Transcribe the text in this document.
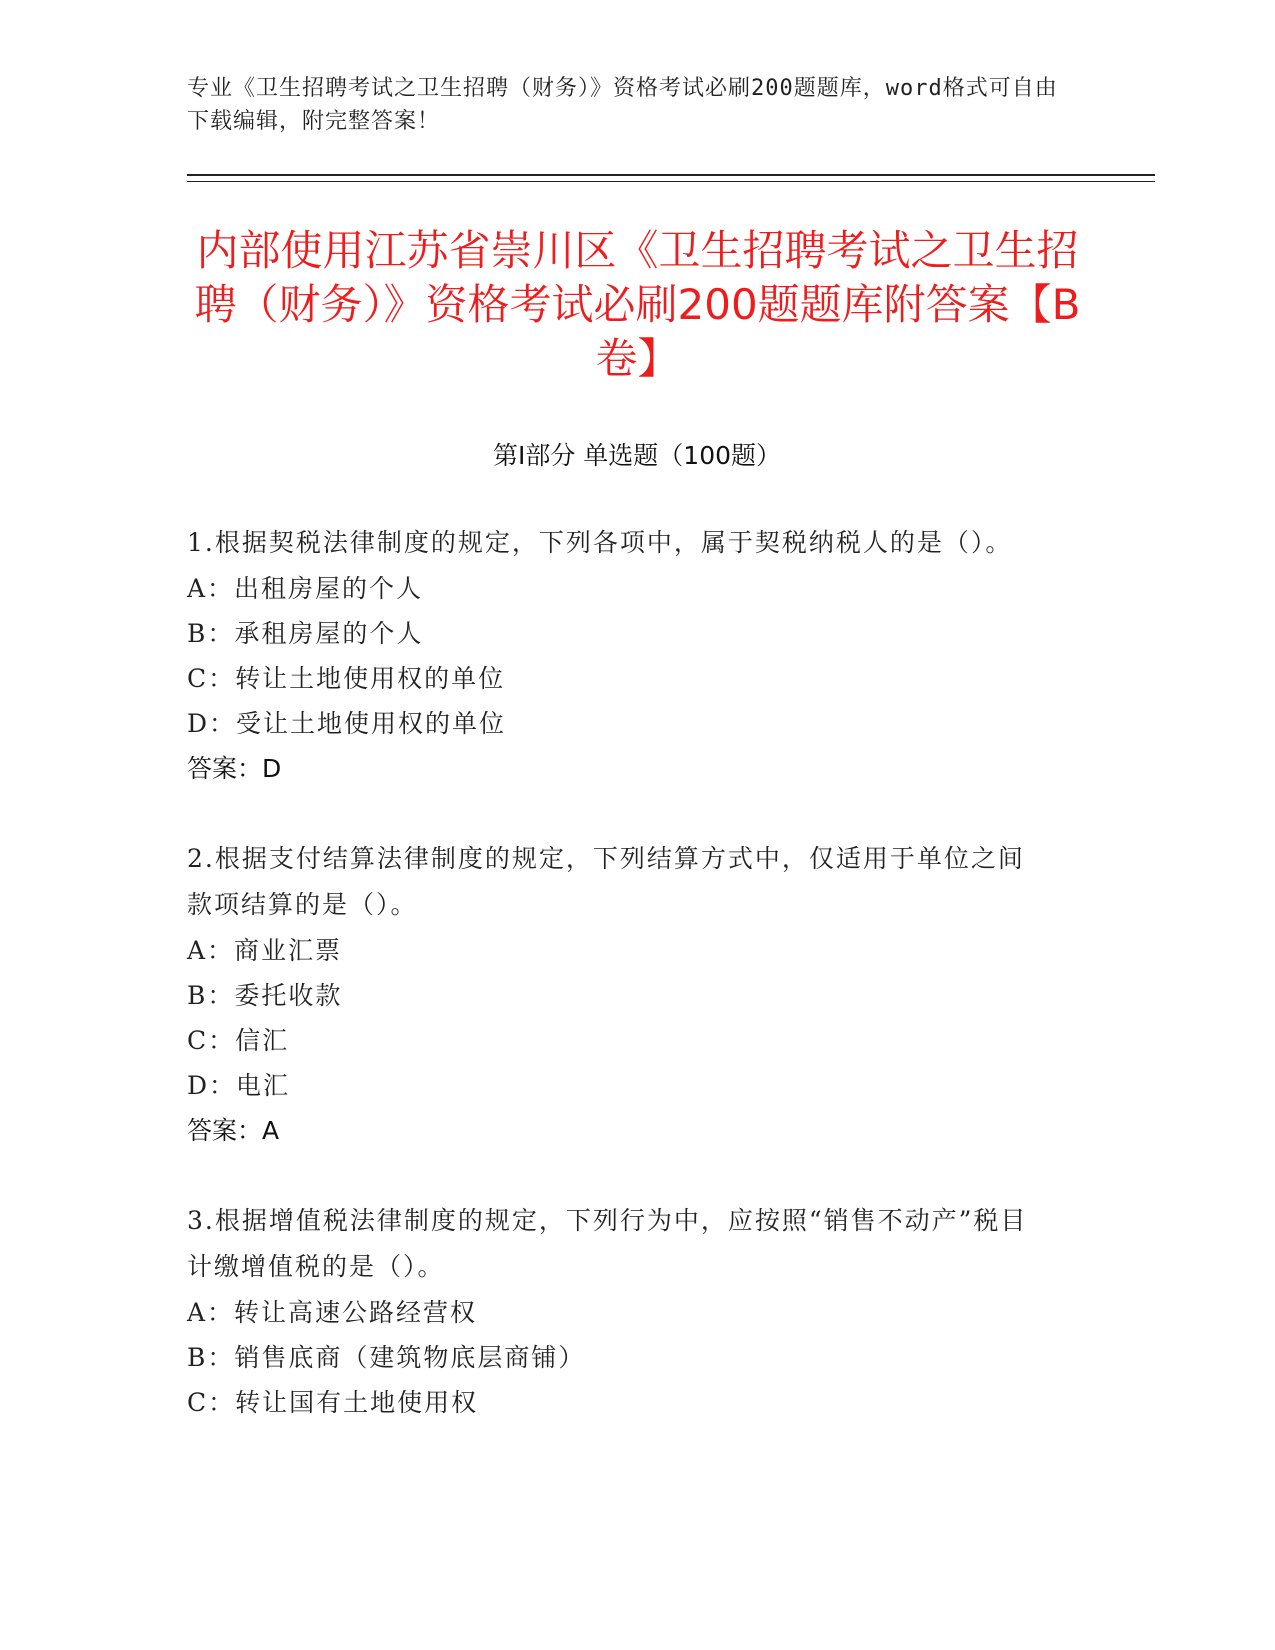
专业《卫生招聘考试之卫生招聘（财务）》资格考试必刷200题题库，word格式可自由下载编辑，附完整答案！
内部使用江苏省崇川区《卫生招聘考试之卫生招聘（财务）》资格考试必刷200题题库附答案【B卷】
第Ⅰ部分 单选题（100题）
1.根据契税法律制度的规定，下列各项中，属于契税纳税人的是（）。
A：出租房屋的个人
B：承租房屋的个人
C：转让土地使用权的单位
D：受让土地使用权的单位
答案：D
2.根据支付结算法律制度的规定，下列结算方式中，仅适用于单位之间款项结算的是（）。
A：商业汇票
B：委托收款
C：信汇
D：电汇
答案：A
3.根据增值税法律制度的规定，下列行为中，应按照“销售不动产”税目计缴增值税的是（）。
A：转让高速公路经营权
B：销售底商（建筑物底层商铺）
C：转让国有土地使用权
